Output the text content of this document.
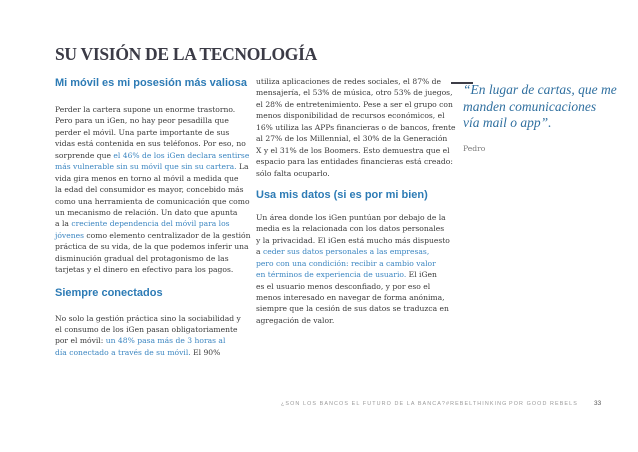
SU VISIÓN DE LA TECNOLOGÍA

Mi móvil es mi posesión más valiosa

Perder la cartera supone un enorme trastorno.
Pero para un iGen, no hay peor pesadilla que
perder el móvil. Una parte importante de sus
vidas está contenida en sus teléfonos. Por eso, no
sorprende que el 46% de los iGen declara sentirse
más vulnerable sin su móvil que sin su cartera. La
vida gira menos en torno al móvil a medida que
la edad del consumidor es mayor, concebido más
como una herramienta de comunicación que como
un mecanismo de relación. Un dato que apunta
a la creciente dependencia del móvil para los
jóvenes como elemento centralizador de la gestión
práctica de su vida, de la que podemos inferir una
disminución gradual del protagonismo de las
tarjetas y el dinero en efectivo para los pagos.

Siempre conectados

No solo la gestión práctica sino la sociabilidad y
el consumo de los iGen pasan obligatoriamente
por el móvil: un 48% pasa más de 3 horas al
día conectado a través de su móvil. El 90%

utiliza aplicaciones de redes sociales, el 87% de
mensajería, el 53% de música, otro 53% de juegos,
el 28% de entretenimiento. Pese a ser el grupo con
menos disponibilidad de recursos económicos, el
16% utiliza las APPs financieras o de bancos, frente
al 27% de los Millennial, el 30% de la Generación
X y el 31% de los Boomers. Esto demuestra que el
espacio para las entidades financieras está creado:
sólo falta ocuparlo.

Usa mis datos (si es por mi bien)

Un área donde los iGen puntúan por debajo de la
media es la relacionada con los datos personales
y la privacidad. El iGen está mucho más dispuesto
a ceder sus datos personales a las empresas,
pero con una condición: recibir a cambio valor
en términos de experiencia de usuario. El iGen
es el usuario menos desconfiado, y por eso el
menos interesado en navegar de forma anónima,
siempre que la cesión de sus datos se traduzca en
agregación de valor.

“En lugar de cartas, que me
manden comunicaciones
vía mail o app”.
Pedro
¿SON LOS BANCOS EL FUTURO DE LA BANCA? #REBELTHINKING POR GOOD REBELS 33
